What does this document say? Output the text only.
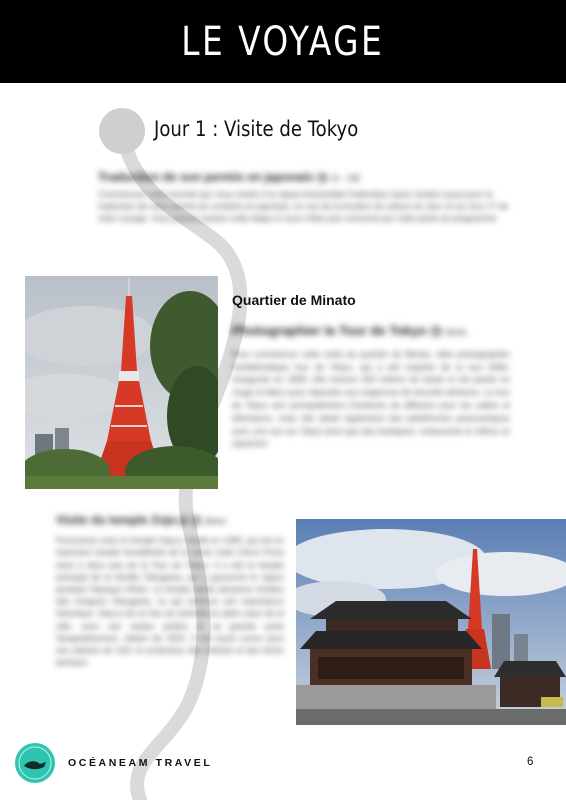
LE VOYAGE
Jour 1 : Visite de Tokyo
Traduction de son permis en japonais ◷ 1h - 10€
Commencez votre journée par vous rendre à la Japan Automobile Federation (sans rendez-vous) pour la traduction de votre permis de conduire en japonais, en vue de la location de voiture du Jour 15 au Jour 17 de votre voyage. Vous pouvez passer cette étape si vous n'êtes pas concerné par cette partie du programme.
Quartier de Minato
Photographier la Tour de Tokyo ◷ 30min
Pour commencer cette visite du quartier de Minato, allez photographier l'emblématique tour de Tokyo, qui a été inspirée de la tour Eiffel. Inaugurée en 1958, elle mesure 333 mètres de haute et est peinte en rouge et blanc pour répondre aux exigences de sécurité aérienne. La tour de Tokyo sert principalement d'antenne de diffusion pour les radios et télévisions, mais elle abrite également des plateformes panoramiques avec une vue sur Tokyo ainsi que des boutiques, restaurants et même un aquarium.
Visite du temple Zojo-ji ◷ 30min
Poursuivez avec le temple Zojo-ji, fondé en 1393, qui est un important temple bouddhiste de la secte Jodo (Terre Pure) situé à deux pas de la Tour de Tokyo. Il a été le temple principal de la famille Tokugawa, qui a gouverné le Japon pendant l'époque d'Edo. Le temple abrite plusieurs tombes des shoguns Tokugawa, ce qui renforce son importance historique. Zojo-ji est un lieu de sérénité en plein cœur de la ville, avec ses vastes jardins et sa grande porte Sangedatsumon, datant de 1622. Il est aussi connu pour ses statues de Jizô, le protecteur des enfants et des âmes perdues.
OCÉANEAM TRAVEL	6
